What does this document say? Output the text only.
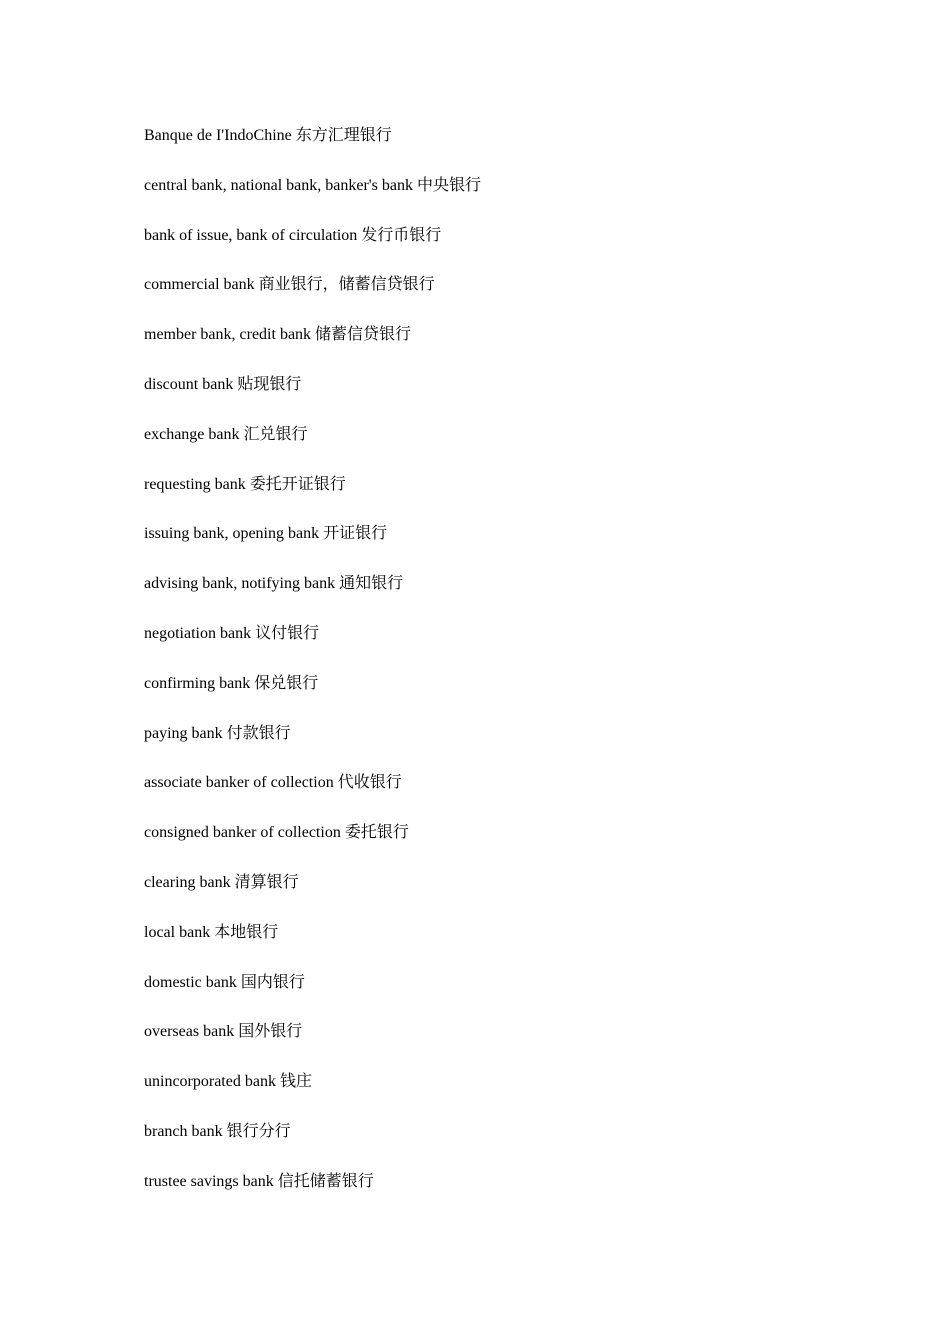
Banque de I'IndoChine 东方汇理银行
central bank, national bank, banker's bank 中央银行
bank of issue, bank of circulation 发行币银行
commercial bank 商业银行，储蓄信贷银行
member bank, credit bank 储蓄信贷银行
discount bank 贴现银行
exchange bank 汇兑银行
requesting bank 委托开证银行
issuing bank, opening bank 开证银行
advising bank, notifying bank 通知银行
negotiation bank 议付银行
confirming bank 保兑银行
paying bank 付款银行
associate banker of collection 代收银行
consigned banker of collection 委托银行
clearing bank 清算银行
local bank 本地银行
domestic bank 国内银行
overseas bank 国外银行
unincorporated bank 钱庄
branch bank 银行分行
trustee savings bank 信托储蓄银行
